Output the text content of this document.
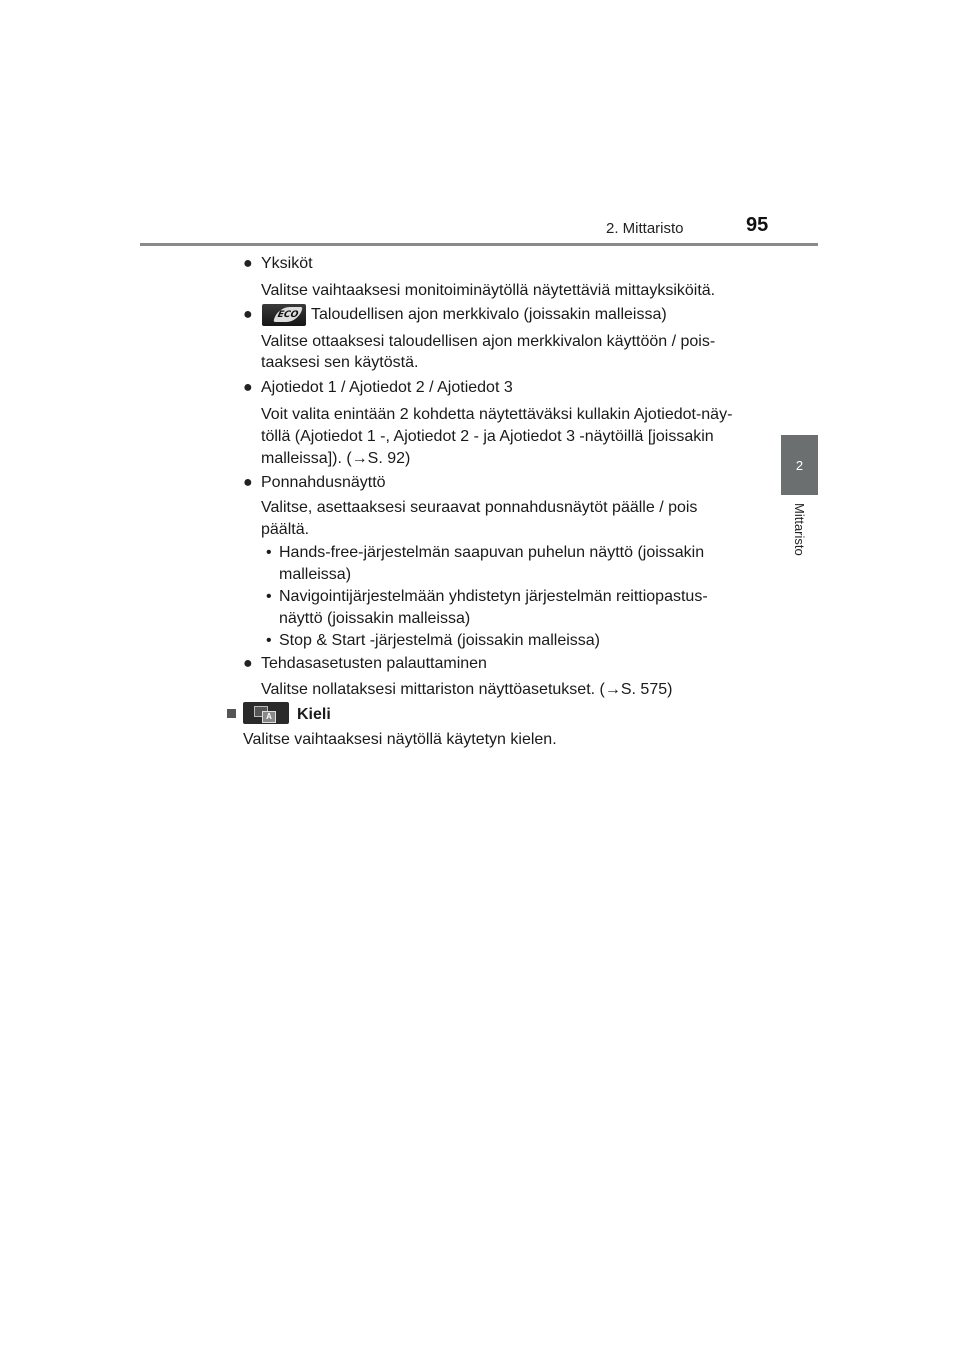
2. Mittaristo	95
2
Mittaristo
● Yksiköt
Valitse vaihtaaksesi monitoiminäytöllä näytettäviä mittayksiköitä.
●	ECO Taloudellisen ajon merkkivalo (joissakin malleissa)
Valitse ottaaksesi taloudellisen ajon merkkivalon käyttöön / pois-
taaksesi sen käytöstä.
● Ajotiedot 1 / Ajotiedot 2 / Ajotiedot 3
Voit valita enintään 2 kohdetta näytettäväksi kullakin Ajotiedot-näy-
töllä (Ajotiedot 1 -, Ajotiedot 2 - ja Ajotiedot 3 -näytöillä [joissakin
malleissa]). (→S. 92)
● Ponnahdusnäyttö
Valitse, asettaaksesi seuraavat ponnahdusnäytöt päälle / pois
päältä.
• Hands-free-järjestelmän saapuvan puhelun näyttö (joissakin
malleissa)
• Navigointijärjestelmään yhdistetyn järjestelmän reittiopastus-
näyttö (joissakin malleissa)
• Stop & Start -järjestelmä (joissakin malleissa)
● Tehdasasetusten palauttaminen
Valitse nollataksesi mittariston näyttöasetukset. (→S. 575)
A Kieli
Valitse vaihtaaksesi näytöllä käytetyn kielen.
